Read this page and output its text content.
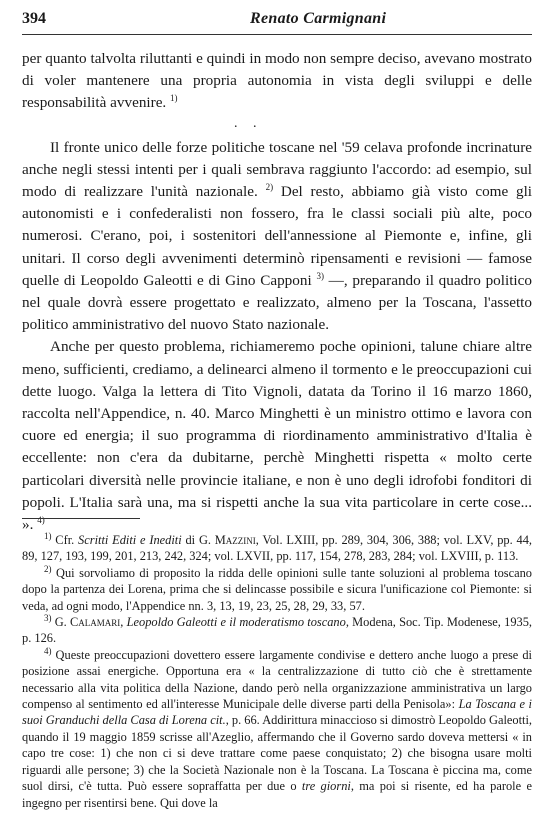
394	Renato Carmignani

per quanto talvolta riluttanti e quindi in modo non sempre deciso, avevano mostrato di voler mantenere una propria autonomia in vista degli sviluppi e delle responsabilità avvenire. $^{1)}$

. .

Il fronte unico delle forze politiche toscane nel '59 celava profonde incrinature anche negli stessi intenti per i quali sembrava raggiunto l'accordo: ad esempio, sul modo di realizzare l'unità nazionale. $^{2)}$ Del resto, abbiamo già visto come gli autonomisti e i confederalisti non fossero, fra le classi sociali più alte, poco numerosi. C'erano, poi, i sostenitori dell'annessione al Piemonte e, infine, gli unitari. Il corso degli avvenimenti determinò ripensamenti e revisioni — famose quelle di Leopoldo Galeotti e di Gino Capponi $^{3)}$ —, preparando il quadro politico nel quale dovrà essere progettato e realizzato, almeno per la Toscana, l'assetto politico amministrativo del nuovo Stato nazionale.

Anche per questo problema, richiameremo poche opinioni, talune chiare altre meno, sufficienti, crediamo, a delinearci almeno il tormento e le preoccupazioni cui dette luogo. Valga la lettera di Tito Vignoli, datata da Torino il 16 marzo 1860, raccolta nell'Appendice, n. 40. Marco Minghetti è un ministro ottimo e lavora con cuore ed energia; il suo programma di riordinamento amministrativo d'Italia è eccellente: non c'era da dubitarne, perchè Minghetti rispetta « molto certe particolari diversità nelle provincie italiane, e non è uno degli idrofobi fonditori di popoli. L'Italia sarà una, ma si rispetti anche la sua vita particolare in certe cose... ». $^{4)}$

$^{1)}$ Cfr. Scritti Editi e Inediti di G. Mazzini, Vol. LXIII, pp. 289, 304, 306, 388; vol. LXV, pp. 44, 89, 127, 193, 199, 201, 213, 242, 324; vol. LXVII, pp. 117, 154, 278, 283, 284; vol. LXVIII, p. 113.

$^{2)}$ Qui sorvoliamo di proposito la ridda delle opinioni sulle tante soluzioni al problema toscano dopo la partenza dei Lorena, prima che si delincasse possibile e sicura l'unificazione col Piemonte: si veda, ad ogni modo, l'Appendice nn. 3, 13, 19, 23, 25, 28, 29, 33, 57.

$^{3)}$ G. Calamari, Leopoldo Galeotti e il moderatismo toscano, Modena, Soc. Tip. Modenese, 1935, p. 126.

$^{4)}$ Queste preoccupazioni dovettero essere largamente condivise e dettero anche luogo a prese di posizione assai energiche. Opportuna era « la centralizzazione di tutto ciò che è strettamente necessario alla vita politica della Nazione, dando però nella organizzazione amministrativa un largo compenso al sentimento ed all'interesse Municipale delle diverse parti della Penisola»: La Toscana e i suoi Granduchi della Casa di Lorena cit., p. 66. Addirittura minaccioso si dimostrò Leopoldo Galeotti, quando il 19 maggio 1859 scrisse all'Azeglio, affermando che il Governo sardo doveva mettersi « in capo tre cose: 1) che non ci si deve trattare come paese conquistato; 2) che bisogna usare molti riguardi alle persone; 3) che la Società Nazionale non è la Toscana. La Toscana è piccina ma, come suol dirsi, c'è tutta. Può essere sopraffatta per due o tre giorni, ma poi si risente, ed ha parole e ingegno per risentirsi bene. Qui dove la
